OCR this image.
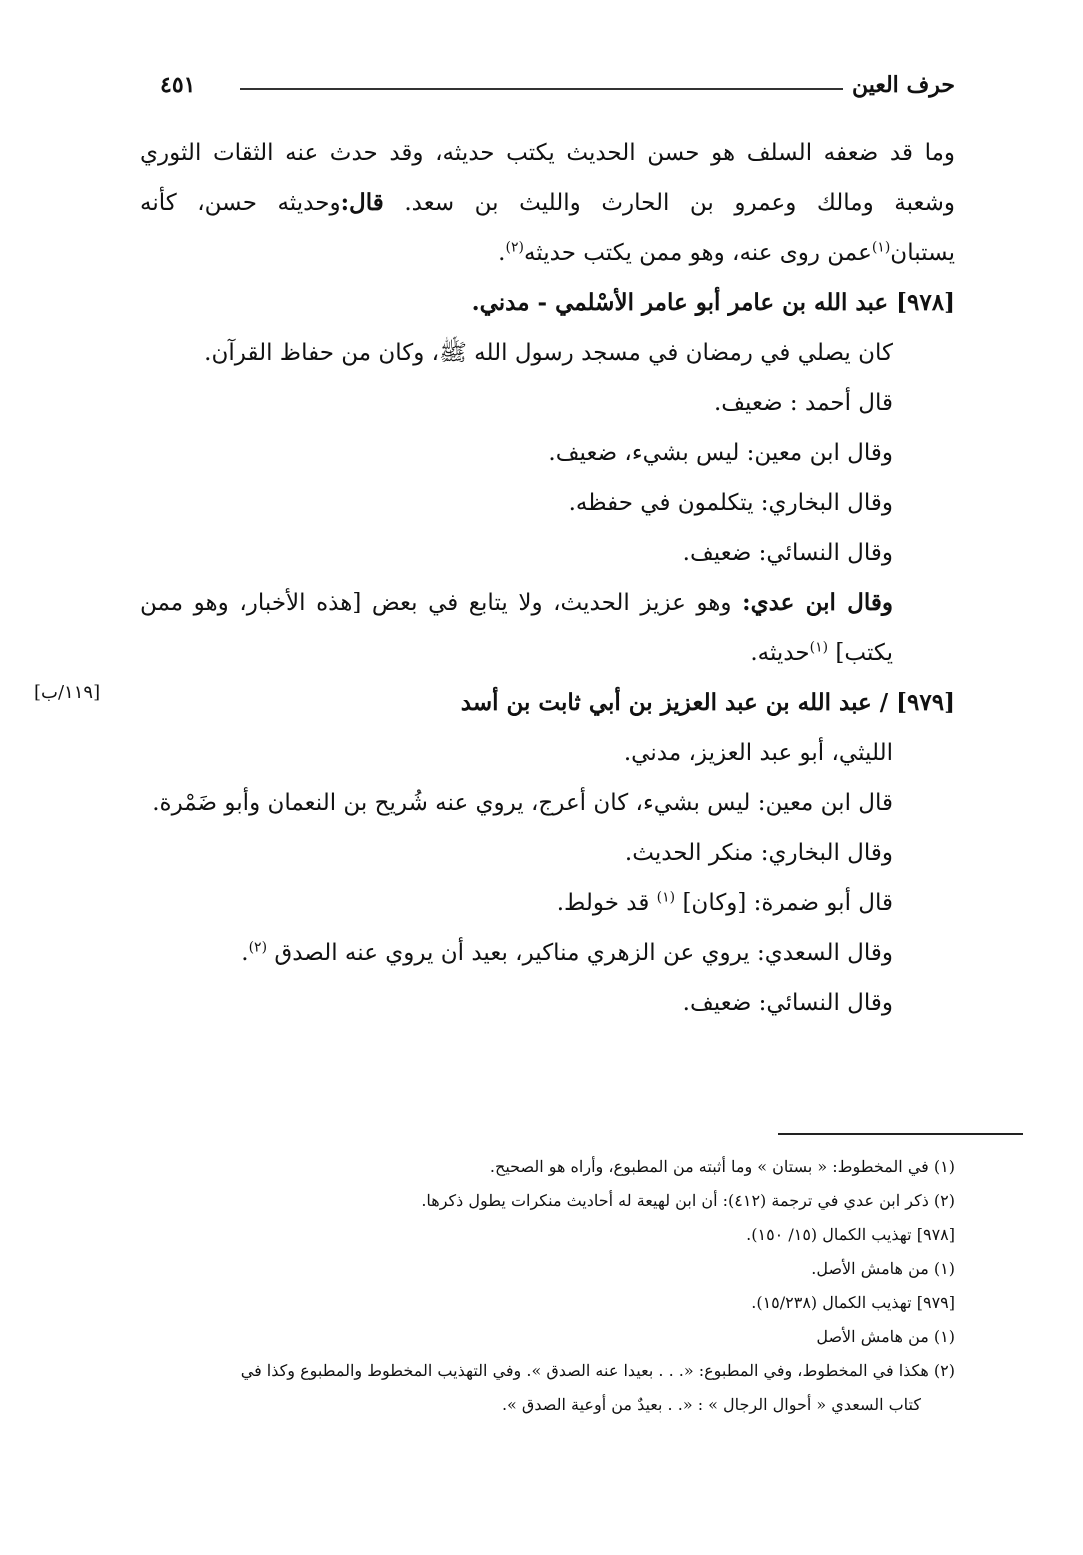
حرف العين
٤٥١
[١١٩/ب]

وما قد ضعفه السلف هو حسن الحديث يكتب حديثه، وقد حدث عنه الثقات الثوري وشعبة ومالك وعمرو بن الحارث والليث بن سعد. قال:وحديثه حسن، كأنه يستبان$^{(١)}$عمن روى عنه، وهو ممن يكتب حديثه$^{(٢)}$.

[٩٧٨] عبد الله بن عامر أبو عامر الأسْلمي - مدني.

كان يصلي في رمضان في مسجد رسول الله ﷺ، وكان من حفاظ القرآن.

قال أحمد : ضعيف.

وقال ابن معين: ليس بشيء، ضعيف.

وقال البخاري: يتكلمون في حفظه.

وقال النسائي: ضعيف.

وقال ابن عدي: وهو عزيز الحديث، ولا يتابع في بعض [هذه الأخبار، وهو ممن يكتب] $^{(١)}$حديثه.

[٩٧٩] / عبد الله بن عبد العزيز بن أبي ثابت بن أسد

الليثي، أبو عبد العزيز، مدني.

قال ابن معين: ليس بشيء، كان أعرج، يروي عنه شُريح بن النعمان وأبو ضَمْرة.

وقال البخاري: منكر الحديث.

قال أبو ضمرة: [وكان] $^{(١)}$ قد خولط.

وقال السعدي: يروي عن الزهري مناكير، بعيد أن يروي عنه الصدق $^{(٢)}$.

وقال النسائي: ضعيف.

(١) في المخطوط: « بستان » وما أثبته من المطبوع، وأراه هو الصحيح.

(٢) ذكر ابن عدي في ترجمة (٤١٢): أن ابن لهيعة له أحاديث منكرات يطول ذكرها.

[٩٧٨] تهذيب الكمال (١٥/ ١٥٠).

(١) من هامش الأصل.

[٩٧٩] تهذيب الكمال (١٥/٢٣٨).

(١) من هامش الأصل

(٢) هكذا في المخطوط، وفي المطبوع: «. . . بعيدا عنه الصدق ». وفي التهذيب المخطوط والمطبوع وكذا في

كتاب السعدي « أحوال الرجال » : «. . بعيدٌ من أوعية الصدق ».
